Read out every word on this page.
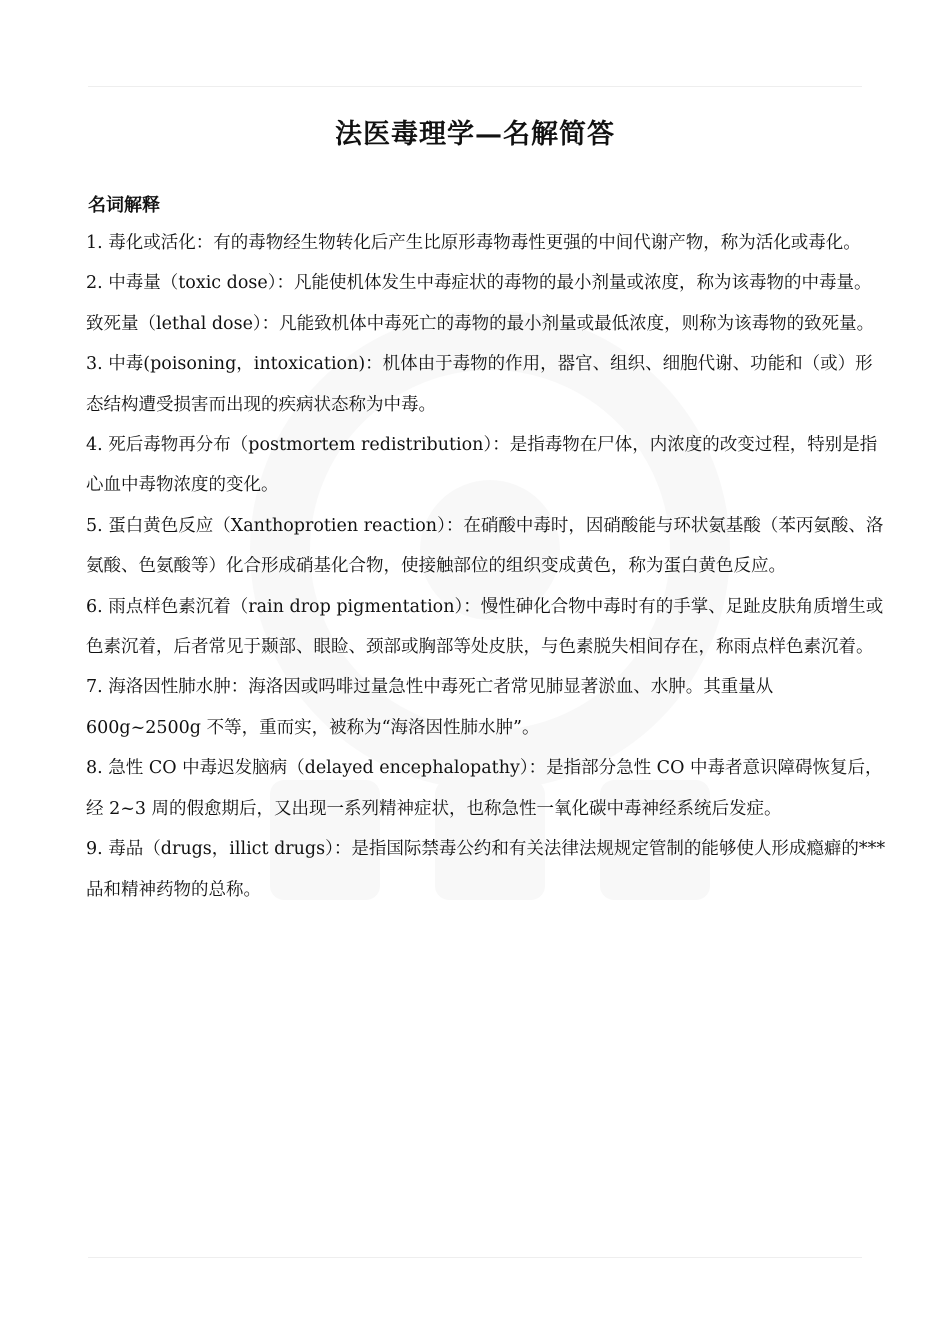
法医毒理学—名解简答
名词解释

1. 毒化或活化：有的毒物经生物转化后产生比原形毒物毒性更强的中间代谢产物，称为活化或毒化。

2. 中毒量（toxic dose）：凡能使机体发生中毒症状的毒物的最小剂量或浓度，称为该毒物的中毒量。

致死量（lethal dose）：凡能致机体中毒死亡的毒物的最小剂量或最低浓度，则称为该毒物的致死量。

3. 中毒(poisoning，intoxication)：机体由于毒物的作用，器官、组织、细胞代谢、功能和（或）形态结构遭受损害而出现的疾病状态称为中毒。

4. 死后毒物再分布（postmortem redistribution）：是指毒物在尸体，内浓度的改变过程，特别是指心血中毒物浓度的变化。

5. 蛋白黄色反应（Xanthoprotien reaction）：在硝酸中毒时，因硝酸能与环状氨基酸（苯丙氨酸、洛氨酸、色氨酸等）化合形成硝基化合物，使接触部位的组织变成黄色，称为蛋白黄色反应。

6. 雨点样色素沉着（rain drop pigmentation）：慢性砷化合物中毒时有的手掌、足趾皮肤角质增生或色素沉着，后者常见于颞部、眼睑、颈部或胸部等处皮肤，与色素脱失相间存在，称雨点样色素沉着。

7. 海洛因性肺水肿：海洛因或吗啡过量急性中毒死亡者常见肺显著淤血、水肿。其重量从 600g~2500g 不等，重而实，被称为“海洛因性肺水肿”。

8. 急性 CO 中毒迟发脑病（delayed encephalopathy）：是指部分急性 CO 中毒者意识障碍恢复后，经 2~3 周的假愈期后，又出现一系列精神症状，也称急性一氧化碳中毒神经系统后发症。

9. 毒品（drugs，illict drugs）：是指国际禁毒公约和有关法律法规规定管制的能够使人形成瘾癖的***品和精神药物的总称。
